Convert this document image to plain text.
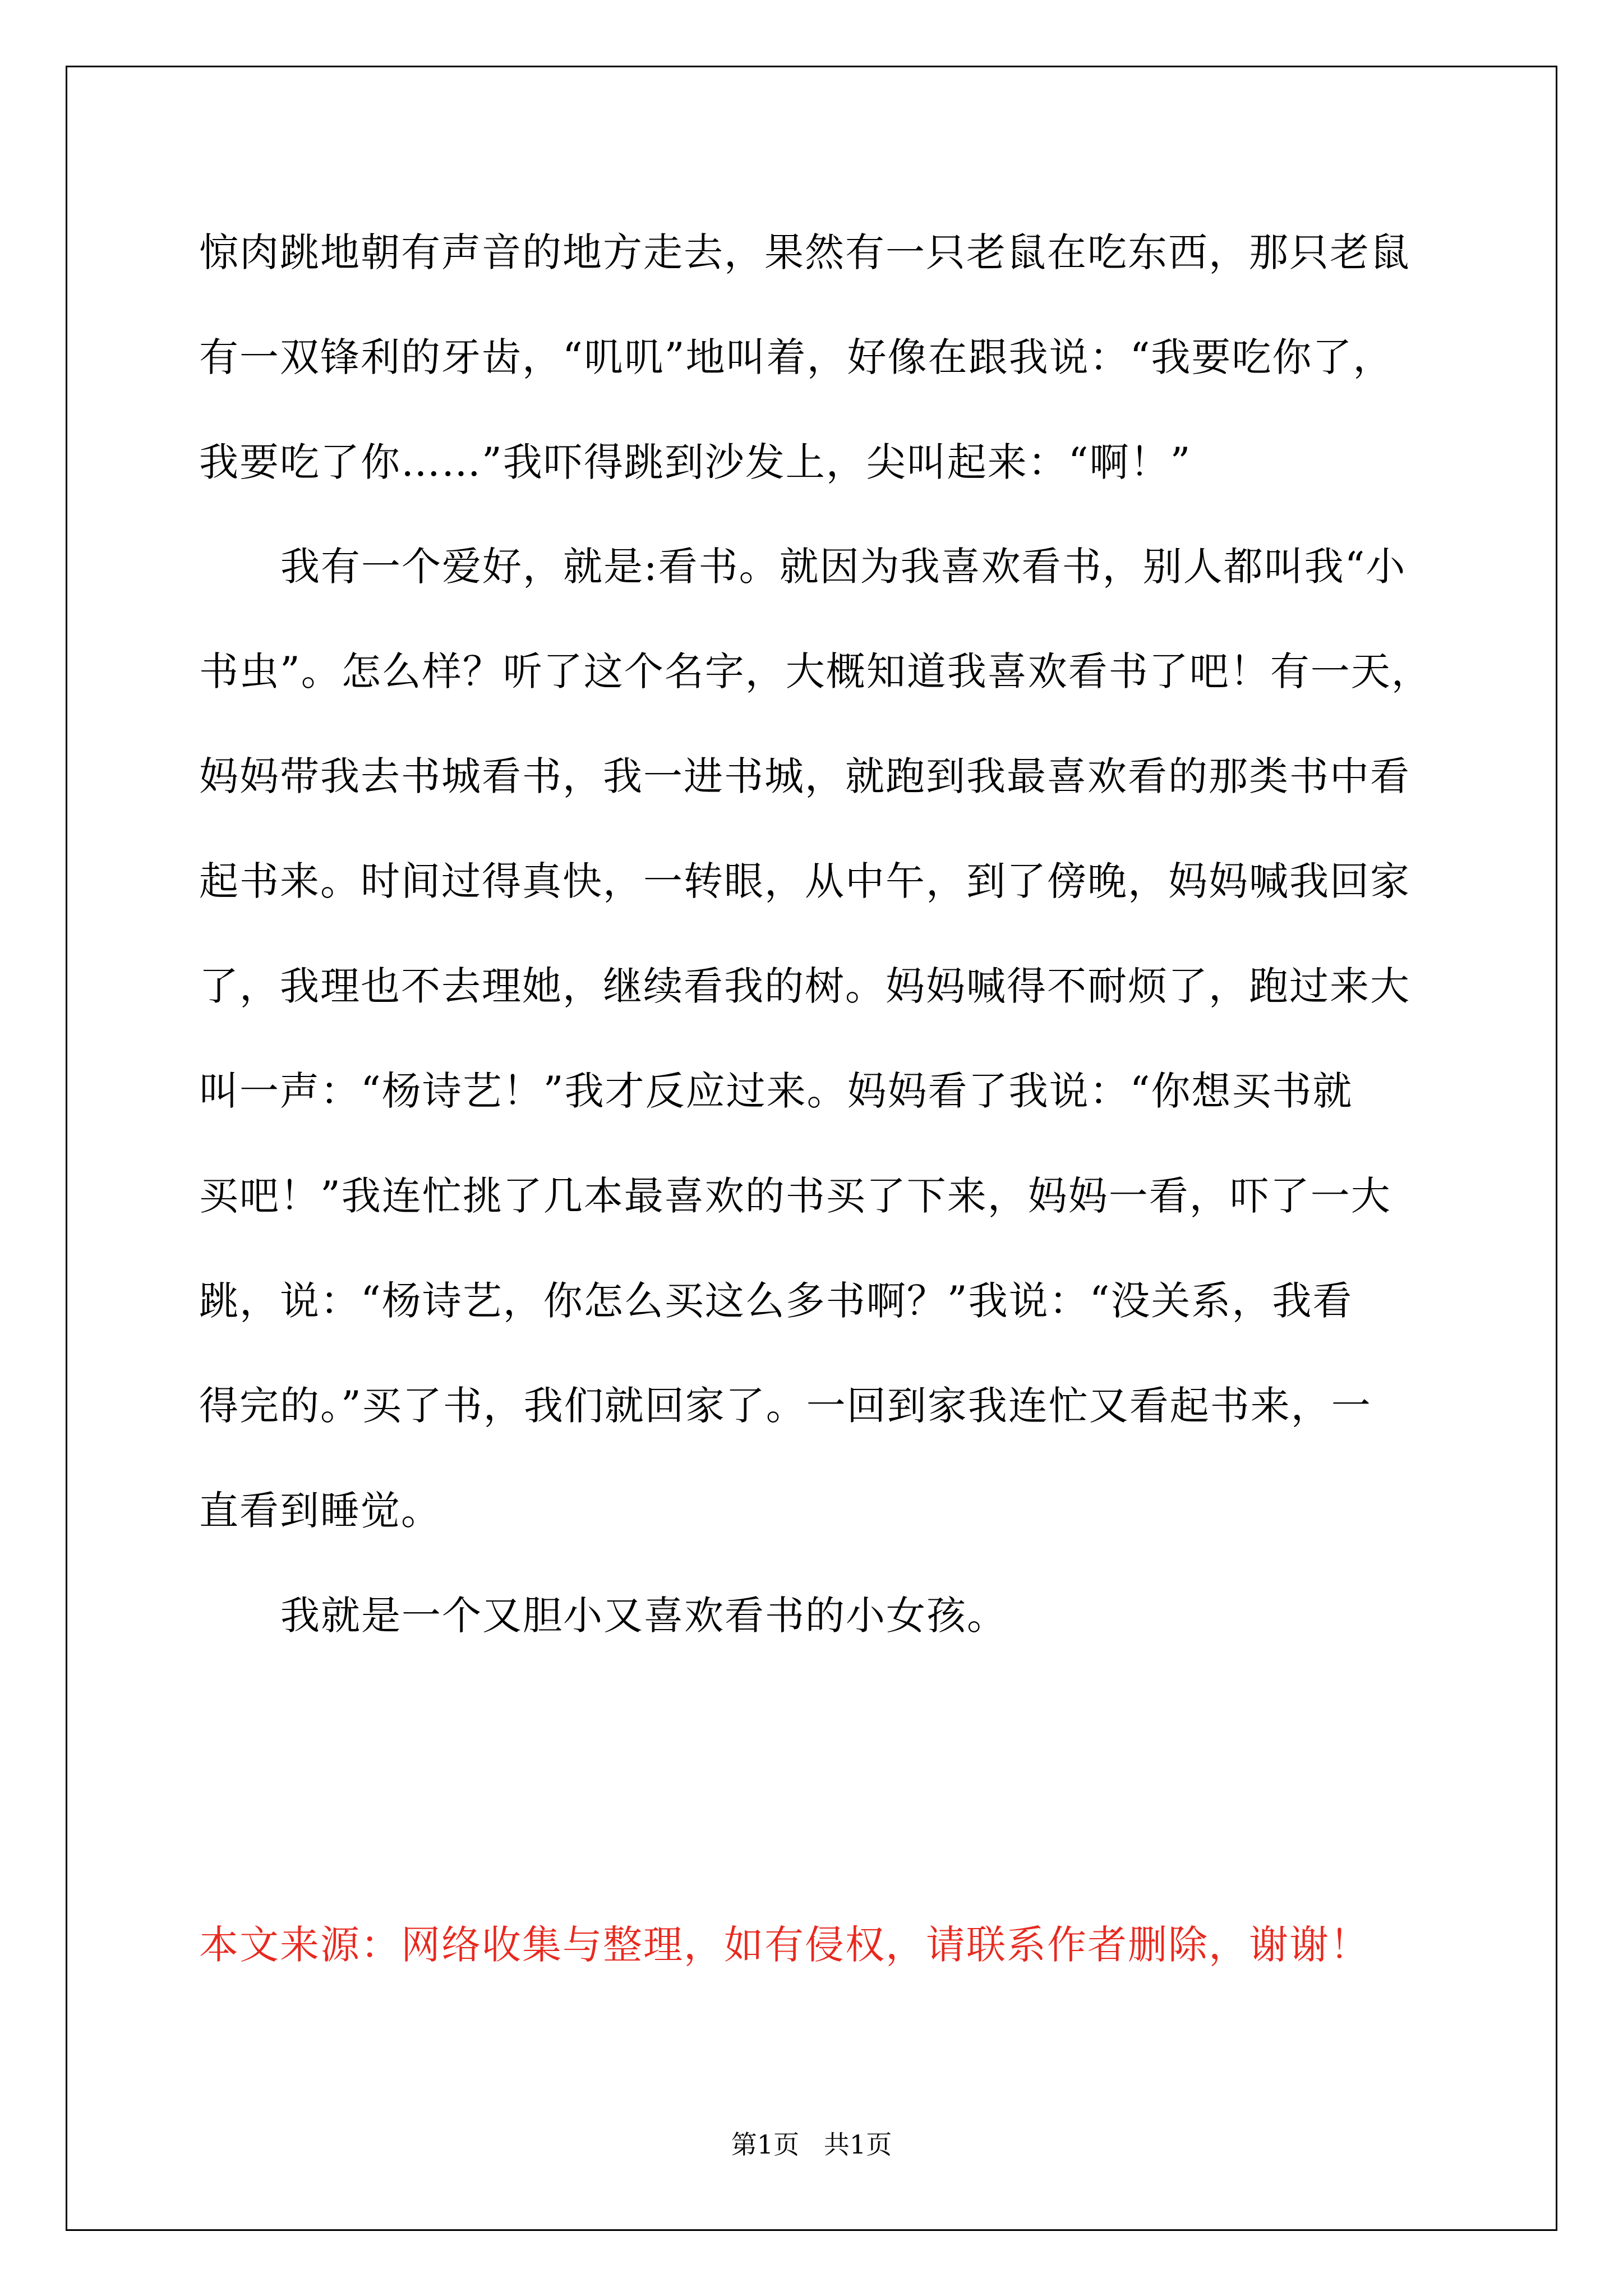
惊肉跳地朝有声音的地方走去，果然有一只老鼠在吃东西，那只老鼠
有一双锋利的牙齿，“叽叽”地叫着，好像在跟我说：“我要吃你了，
我要吃了你……”我吓得跳到沙发上，尖叫起来：“啊！”
我有一个爱好，就是:看书。就因为我喜欢看书，别人都叫我“小
书虫”。怎么样？听了这个名字，大概知道我喜欢看书了吧！有一天，
妈妈带我去书城看书，我一进书城，就跑到我最喜欢看的那类书中看
起书来。时间过得真快，一转眼，从中午，到了傍晚，妈妈喊我回家
了，我理也不去理她，继续看我的树。妈妈喊得不耐烦了，跑过来大
叫一声：“杨诗艺！”我才反应过来。妈妈看了我说：“你想买书就
买吧！”我连忙挑了几本最喜欢的书买了下来，妈妈一看，吓了一大
跳，说：“杨诗艺，你怎么买这么多书啊？”我说：“没关系，我看
得完的。”买了书，我们就回家了。一回到家我连忙又看起书来，一
直看到睡觉。
我就是一个又胆小又喜欢看书的小女孩。
本文来源：网络收集与整理，如有侵权，请联系作者删除，谢谢！
第1页   共1页
